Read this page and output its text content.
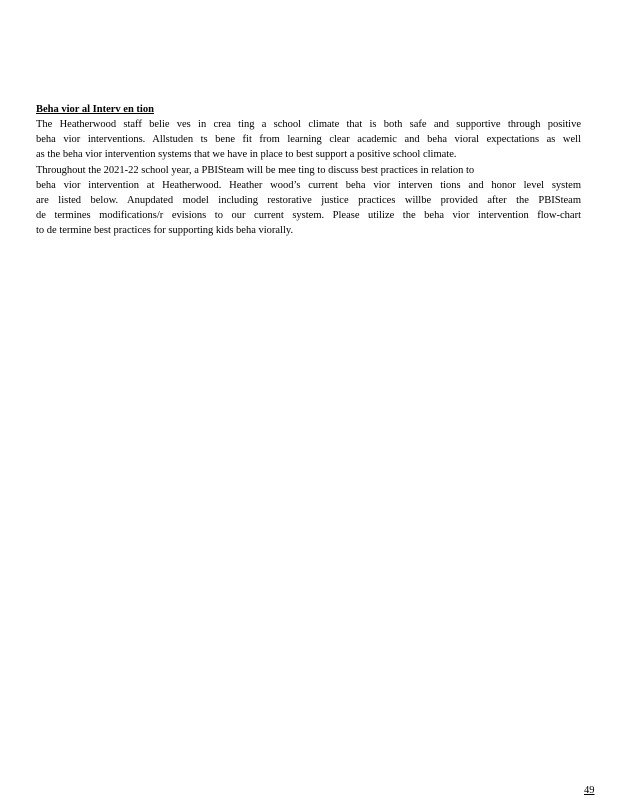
Beha vior al Interv en tion
The Heatherwood staff belie ves in crea ting a school climate that is both safe and supportive through positive
beha vior interventions. Allstuden ts bene fit from learning clear academic and beha vioral expectations as well
as the beha vior intervention systems that we have in place to best support a positive school climate.
Throughout the 2021-22 school year, a PBISteam will be mee ting to discuss best practices in relation to
beha vior intervention at Heatherwood. Heather wood’s current beha vior interven tions and honor level system
are listed below. Anupdated model including restorative justice practices willbe provided after the PBISteam
de termines modifications/r evisions to our current system. Please utilize the beha vior intervention flow-chart
to de termine best practices for supporting kids beha viorally.
49
